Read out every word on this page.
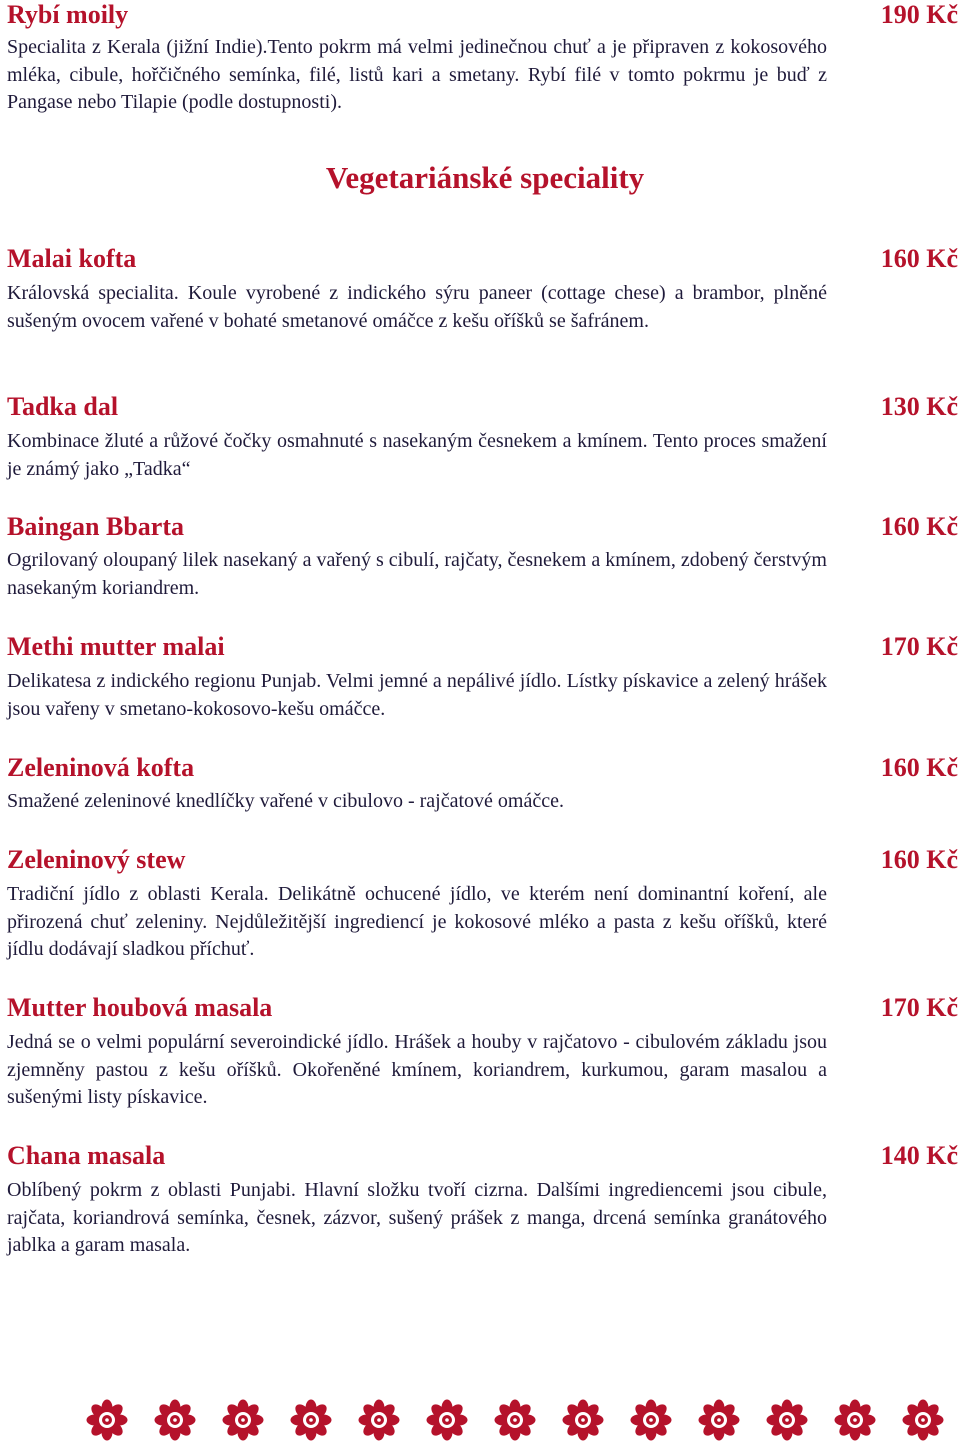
Rybí moily	190 Kč
Specialita z Kerala (jižní Indie).Tento pokrm má velmi jedinečnou chuť a je připraven z kokosového mléka, cibule, hořčičného semínka, filé, listů kari a smetany. Rybí filé v tomto pokrmu je buď z Pangase nebo Tilapie (podle dostupnosti).
Vegetariánské speciality
Malai kofta	160 Kč
Královská specialita. Koule vyrobené z indického sýru paneer (cottage chese) a brambor, plněné sušeným ovocem vařené v bohaté smetanové omáčce z kešu oříšků se šafránem.
Tadka dal	130 Kč
Kombinace žluté a růžové čočky osmahnuté s nasekaným česnekem a kmínem. Tento proces smažení je známý jako „Tadka“
Baingan Bbarta	160 Kč
Ogrilovaný oloupaný lilek nasekaný a vařený s cibulí, rajčaty, česnekem a kmínem, zdobený čerstvým nasekaným koriandrem.
Methi mutter malai	170 Kč
Delikatesa z indického regionu Punjab. Velmi jemné a nepálivé jídlo. Lístky pískavice a zelený hrášek jsou vařeny v smetano-kokosovo-kešu omáčce.
Zeleninová kofta	160 Kč
Smažené zeleninové knedlíčky vařené v cibulovo - rajčatové omáčce.
Zeleninový stew	160 Kč
Tradiční jídlo z oblasti Kerala. Delikátně ochucené jídlo, ve kterém není dominantní koření, ale přirozená chuť zeleniny. Nejdůležitější ingrediencí je kokosové mléko a pasta z kešu oříšků, které jídlu dodávají sladkou příchuť.
Mutter houbová masala	170 Kč
Jedná se o velmi populární severoindické jídlo. Hrášek a houby v rajčatovo - cibulovém základu jsou zjemněny pastou z kešu oříšků. Okořeněné kmínem, koriandrem, kurkumou, garam masalou a sušenými listy pískavice.
Chana masala	140 Kč
Oblíbený pokrm z oblasti Punjabi. Hlavní složku tvoří cizrna. Dalšími ingrediencemi jsou cibule, rajčata, koriandrová semínka, česnek, zázvor, sušený prášek z manga, drcená semínka granátového jablka a garam masala.
